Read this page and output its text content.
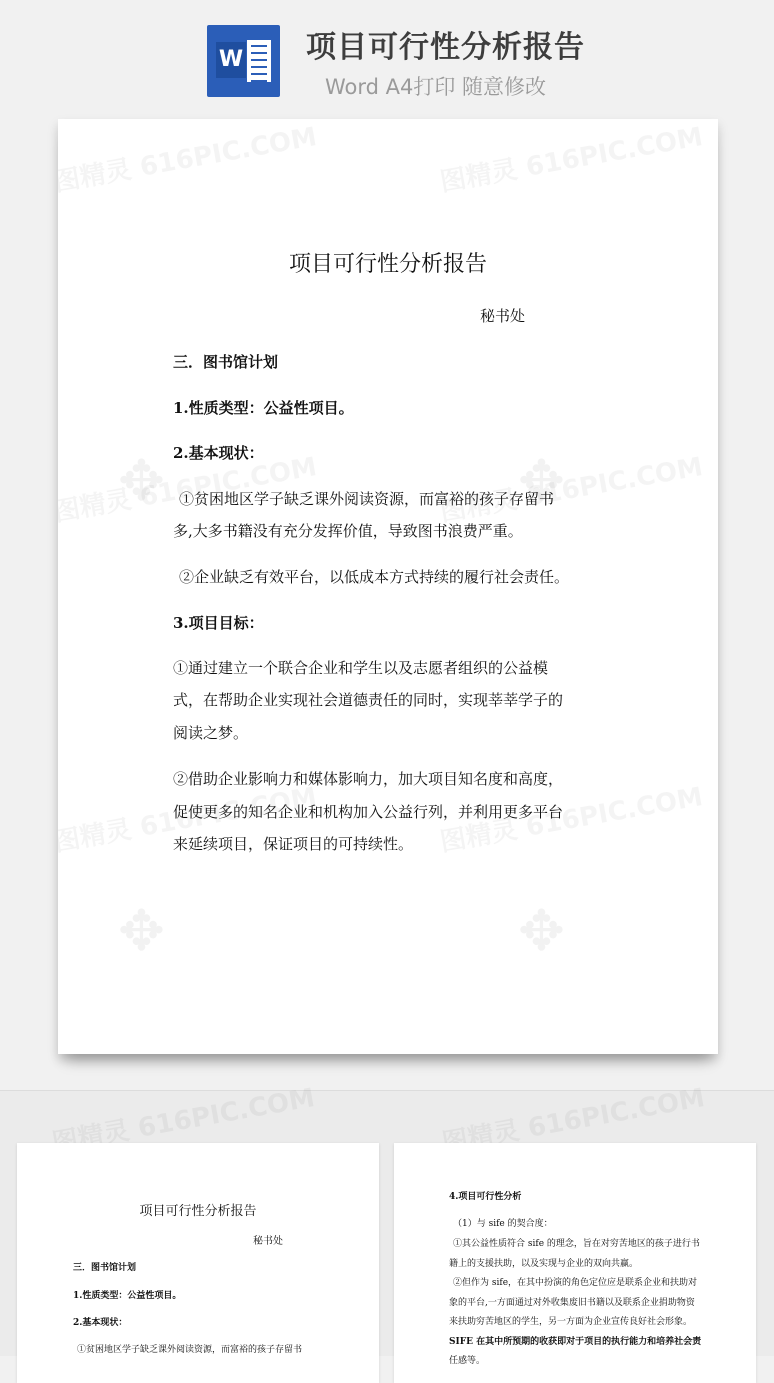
W 项目可行性分析报告
Word A4打印 随意修改
✥	✥
✥	✥
项目可行性分析报告
秘书处
三．图书馆计划
1.性质类型：公益性项目。
2.基本现状：
①贫困地区学子缺乏课外阅读资源，而富裕的孩子存留书
多,大多书籍没有充分发挥价值，导致图书浪费严重。
②企业缺乏有效平台，以低成本方式持续的履行社会责任。
3.项目目标：
①通过建立一个联合企业和学生以及志愿者组织的公益模
式，在帮助企业实现社会道德责任的同时，实现莘莘学子的
阅读之梦。
②借助企业影响力和媒体影响力，加大项目知名度和高度，
促使更多的知名企业和机构加入公益行列，并利用更多平台
来延续项目，保证项目的可持续性。
项目可行性分析报告
秘书处
三．图书馆计划
1.性质类型：公益性项目。
2.基本现状：
①贫困地区学子缺乏课外阅读资源，而富裕的孩子存留书
4.项目可行性分析
（1）与 sife 的契合度：
①其公益性质符合 sife 的理念，旨在对穷苦地区的孩子进行书
籍上的支援扶助，以及实现与企业的双向共赢。
②但作为 sife，在其中扮演的角色定位应是联系企业和扶助对
象的平台,一方面通过对外收集废旧书籍以及联系企业捐助物资
来扶助穷苦地区的学生，另一方面为企业宣传良好社会形象。
SIFE 在其中所预期的收获即对于项目的执行能力和培养社会责
任感等。
